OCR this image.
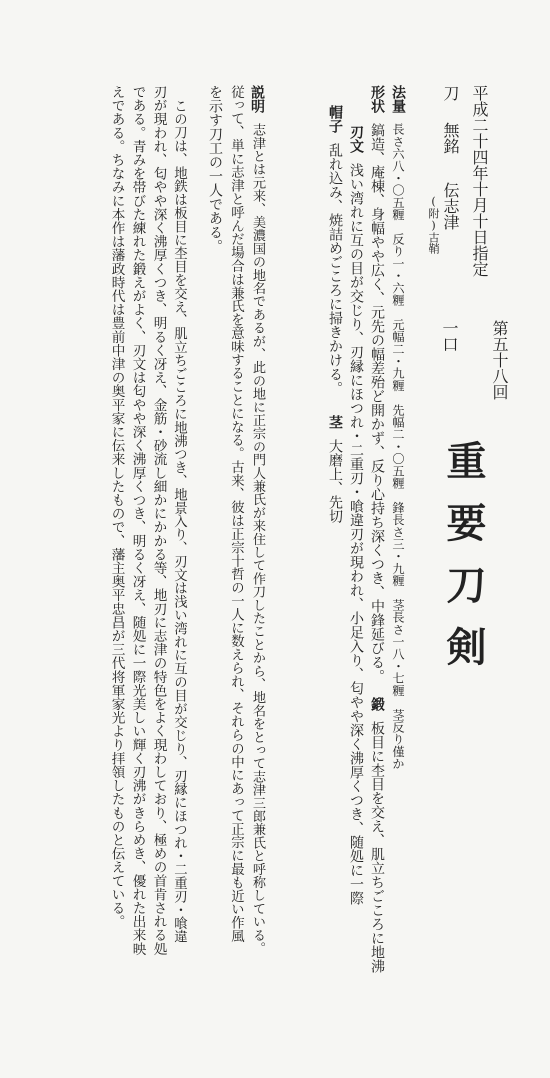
重要刀剣
第五十八回
平成二十四年十月十日指定
一口
刀
無銘
伝志津
(附)古鞘
法量長さ六八・〇五糎　反り一・六糎　元幅二・九糎　先幅二・〇五糎　鋒長さ三・九糎　茎長さ一八・七糎　茎反り僅か
形状鎬造、庵棟、身幅やや広く、元先の幅差殆ど開かず、反り心持ち深くつき、中鋒延びる。鍛板目に杢目を交え、肌立ちごころに地沸
刃文浅い湾れに互の目が交じり、刃縁にほつれ・二重刃・喰違刃が現われ、小足入り、匂やや深く沸厚くつき、随処に一際
帽子乱れ込み、焼詰めごころに掃きかける。茎大磨上、先切
説明志津とは元来、美濃国の地名であるが、此の地に正宗の門人兼氏が来住して作刀したことから、地名をとって志津三郎兼氏と呼称している。
従って、単に志津と呼んだ場合は兼氏を意味することになる。古来、彼は正宗十哲の一人に数えられ、それらの中にあって正宗に最も近い作風
を示す刀工の一人である。
この刀は、地鉄は板目に杢目を交え、肌立ちごころに地沸つき、地景入り、刃文は浅い湾れに互の目が交じり、刃縁にほつれ・二重刃・喰違
刃が現われ、匂やや深く沸厚くつき、明るく冴え、金筋・砂流し細かにかかる等、地刃に志津の特色をよく現わしており、極めの首肯される処
である。青みを帯びた練れた鍛えがよく、刃文は匂やや深く沸厚くつき、明るく冴え、随処に一際光美しい輝く刃沸がきらめき、優れた出来映
えである。ちなみに本作は藩政時代は豊前中津の奥平家に伝来したもので、藩主奥平忠昌が三代将軍家光より拝領したものと伝えている。
